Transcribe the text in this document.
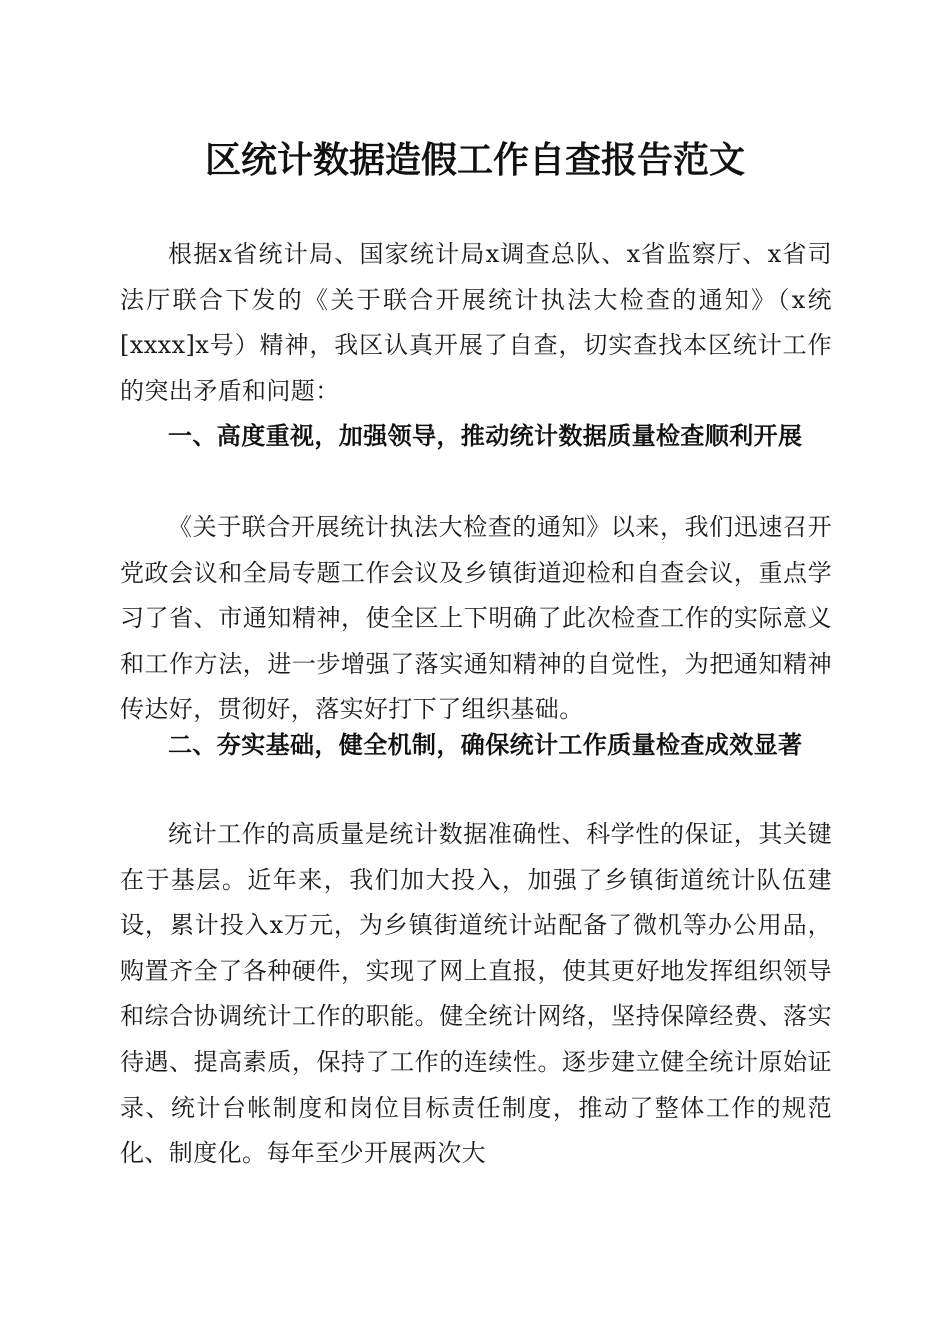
区统计数据造假工作自查报告范文
根据x省统计局、国家统计局x调查总队、x省监察厅、x省司法厅联合下发的《关于联合开展统计执法大检查的通知》（x统[xxxx]x号）精神，我区认真开展了自查，切实查找本区统计工作的突出矛盾和问题：
一、高度重视，加强领导，推动统计数据质量检查顺利开展
《关于联合开展统计执法大检查的通知》以来，我们迅速召开党政会议和全局专题工作会议及乡镇街道迎检和自查会议，重点学习了省、市通知精神，使全区上下明确了此次检查工作的实际意义和工作方法，进一步增强了落实通知精神的自觉性，为把通知精神传达好，贯彻好，落实好打下了组织基础。
二、夯实基础，健全机制，确保统计工作质量检查成效显著
统计工作的高质量是统计数据准确性、科学性的保证，其关键在于基层。近年来，我们加大投入，加强了乡镇街道统计队伍建设，累计投入x万元，为乡镇街道统计站配备了微机等办公用品，购置齐全了各种硬件，实现了网上直报，使其更好地发挥组织领导和综合协调统计工作的职能。健全统计网络，坚持保障经费、落实待遇、提高素质，保持了工作的连续性。逐步建立健全统计原始证录、统计台帐制度和岗位目标责任制度，推动了整体工作的规范化、制度化。每年至少开展两次大
